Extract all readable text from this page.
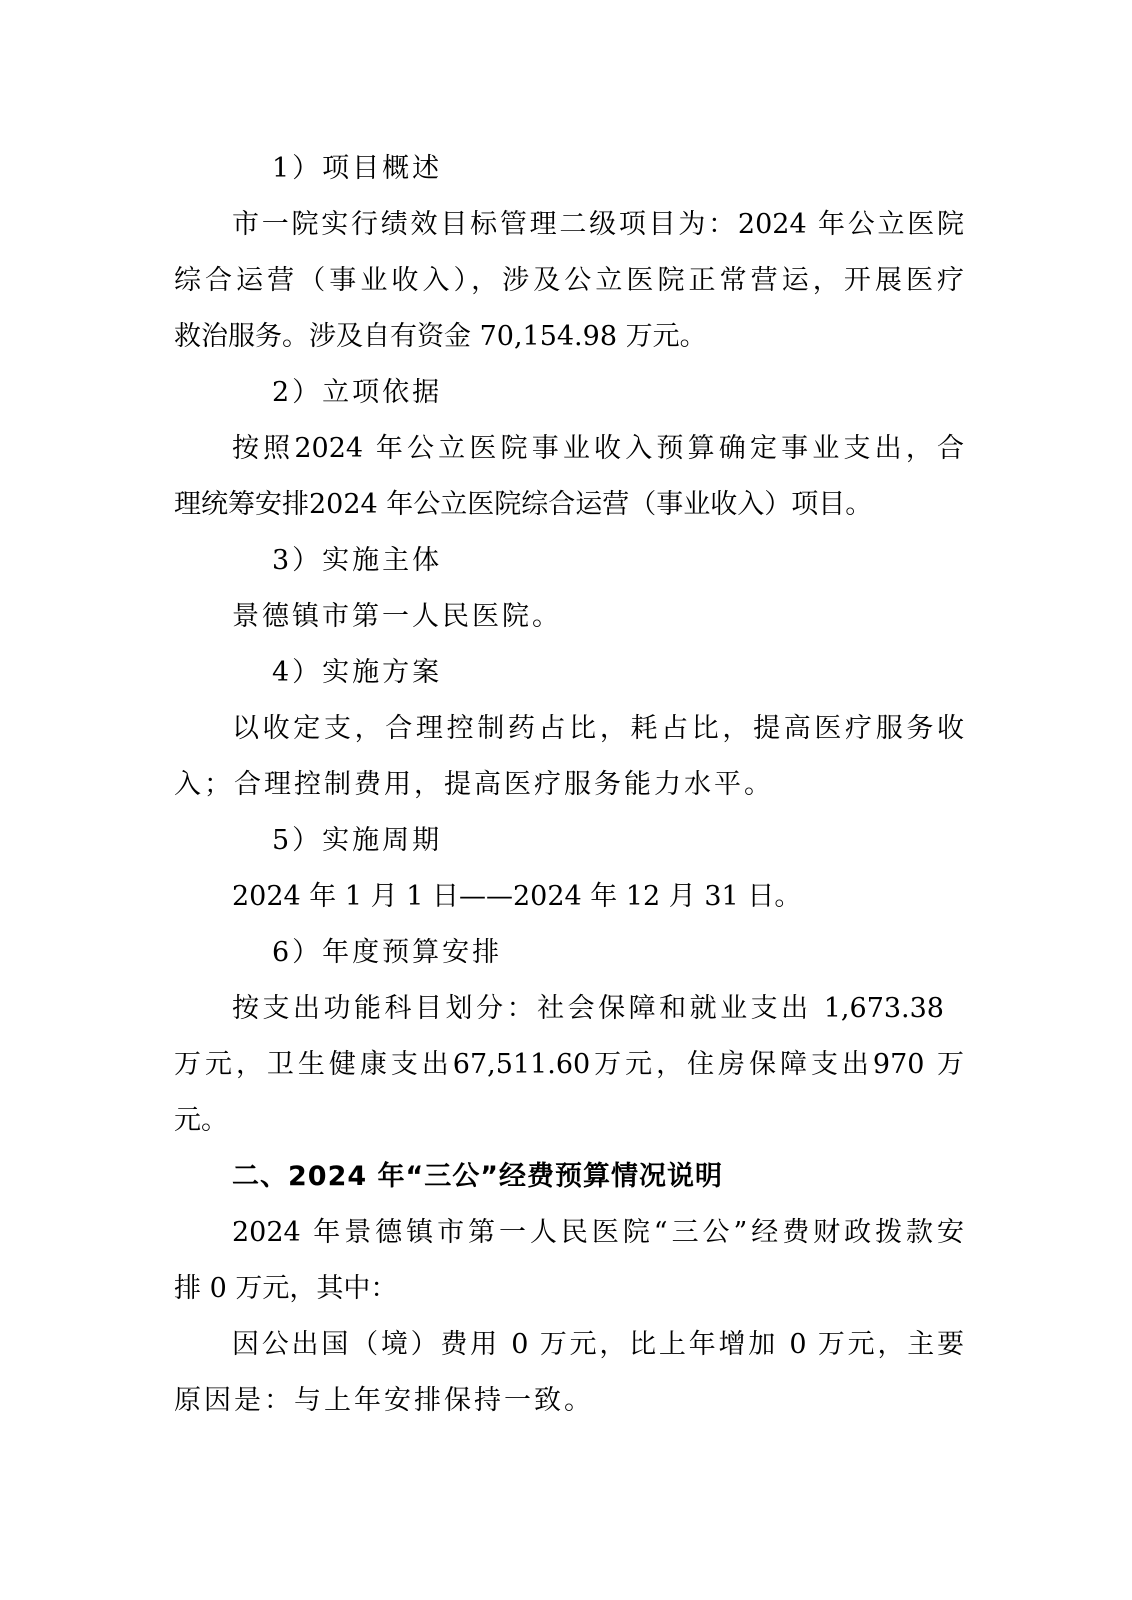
1）项目概述
市一院实行绩效目标管理二级项目为：2024 年公立医院
综合运营（事业收入），涉及公立医院正常营运，开展医疗
救治服务。涉及自有资金 70,154.98 万元。
2）立项依据
按照2024 年公立医院事业收入预算确定事业支出，合
理统筹安排2024 年公立医院综合运营（事业收入）项目。
3）实施主体
景德镇市第一人民医院。
4）实施方案
以收定支，合理控制药占比，耗占比，提高医疗服务收
入；合理控制费用，提高医疗服务能力水平。
5）实施周期
2024 年 1 月 1 日——2024 年 12 月 31 日。
6）年度预算安排
按支出功能科目划分：社会保障和就业支出 1,673.38
万元，卫生健康支出67,511.60万元，住房保障支出970 万
元。
二、2024 年“三公”经费预算情况说明
2024 年景德镇市第一人民医院“三公”经费财政拨款安
排 0 万元，其中：
因公出国（境）费用 0 万元，比上年增加 0 万元，主要
原因是：与上年安排保持一致。
